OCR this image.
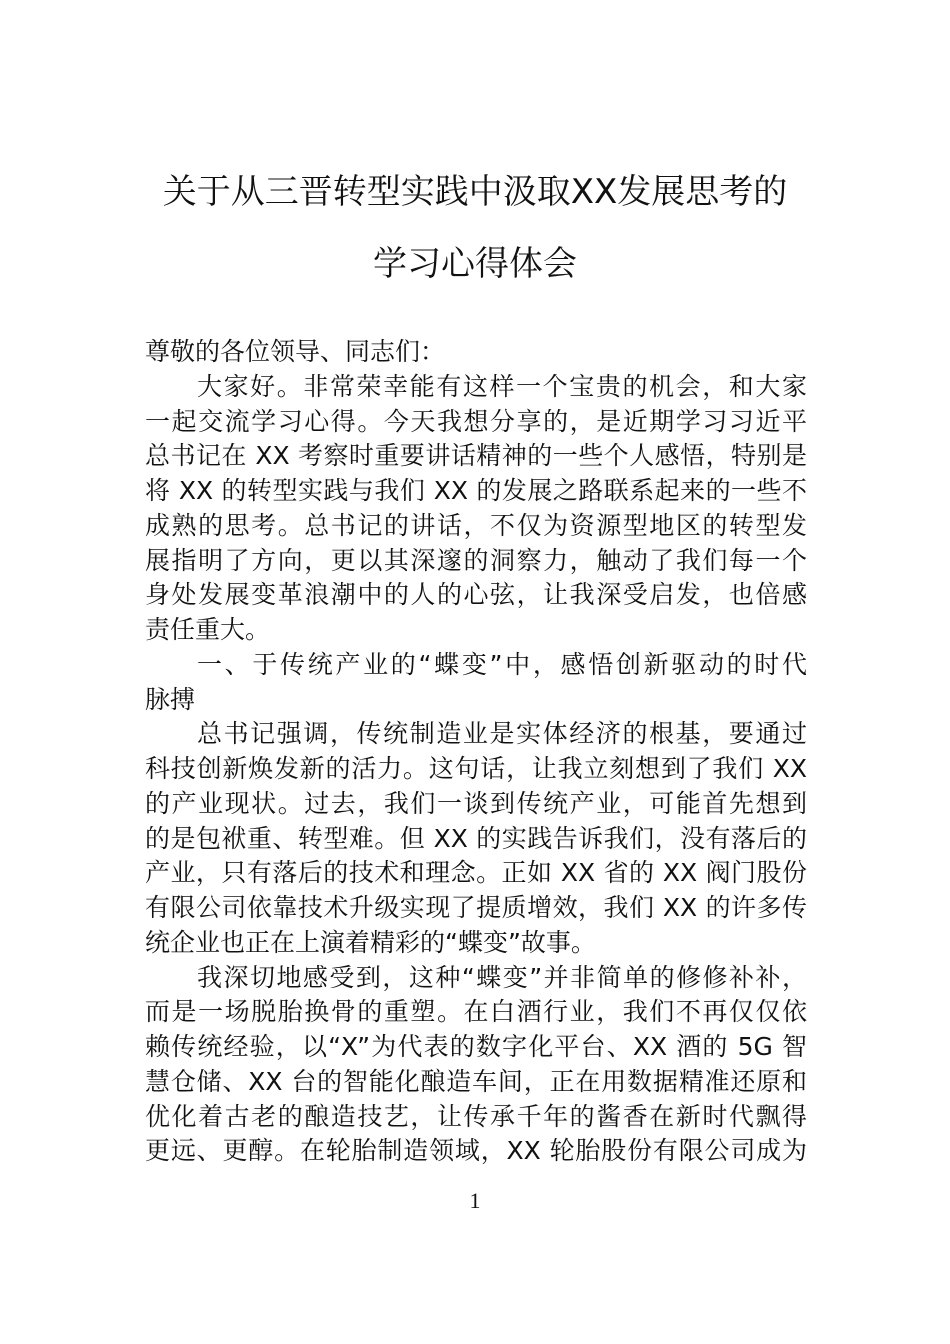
关于从三晋转型实践中汲取XX发展思考的
学习心得体会
尊敬的各位领导、同志们：
大家好。非常荣幸能有这样一个宝贵的机会，和大家
一起交流学习心得。今天我想分享的，是近期学习习近平
总书记在 XX 考察时重要讲话精神的一些个人感悟，特别是
将 XX 的转型实践与我们 XX 的发展之路联系起来的一些不
成熟的思考。总书记的讲话，不仅为资源型地区的转型发
展指明了方向，更以其深邃的洞察力，触动了我们每一个
身处发展变革浪潮中的人的心弦，让我深受启发，也倍感
责任重大。
一、于传统产业的“蝶变”中，感悟创新驱动的时代
脉搏
总书记强调，传统制造业是实体经济的根基，要通过
科技创新焕发新的活力。这句话，让我立刻想到了我们 XX
的产业现状。过去，我们一谈到传统产业，可能首先想到
的是包袱重、转型难。但 XX 的实践告诉我们，没有落后的
产业，只有落后的技术和理念。正如 XX 省的 XX 阀门股份
有限公司依靠技术升级实现了提质增效，我们 XX 的许多传
统企业也正在上演着精彩的“蝶变”故事。
我深切地感受到，这种“蝶变”并非简单的修修补补，
而是一场脱胎换骨的重塑。在白酒行业，我们不再仅仅依
赖传统经验，以“X”为代表的数字化平台、XX 酒的 5G 智
慧仓储、XX 台的智能化酿造车间，正在用数据精准还原和
优化着古老的酿造技艺，让传承千年的酱香在新时代飘得
更远、更醇。在轮胎制造领域，XX 轮胎股份有限公司成为
1
